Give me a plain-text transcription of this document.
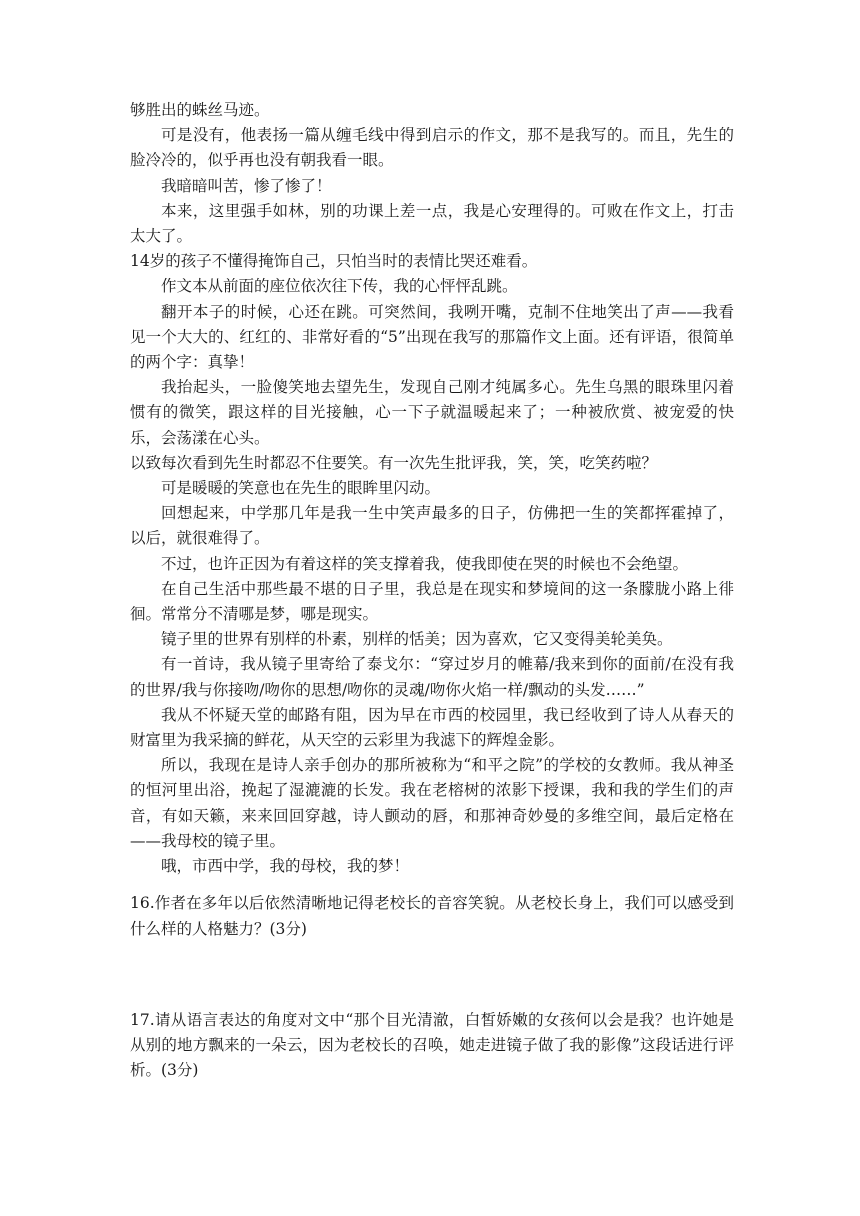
够胜出的蛛丝马迹。

可是没有，他表扬一篇从缠毛线中得到启示的作文，那不是我写的。而且，先生的脸冷冷的，似乎再也没有朝我看一眼。

我暗暗叫苦，惨了惨了！

本来，这里强手如林，别的功课上差一点，我是心安理得的。可败在作文上，打击太大了。

14岁的孩子不懂得掩饰自己，只怕当时的表情比哭还难看。

作文本从前面的座位依次往下传，我的心怦怦乱跳。

翻开本子的时候，心还在跳。可突然间，我咧开嘴，克制不住地笑出了声——我看见一个大大的、红红的、非常好看的“5”出现在我写的那篇作文上面。还有评语，很简单的两个字：真挚！

我抬起头，一脸傻笑地去望先生，发现自己刚才纯属多心。先生乌黑的眼珠里闪着惯有的微笑，跟这样的目光接触，心一下子就温暖起来了；一种被欣赏、被宠爱的快乐，会荡漾在心头。

以致每次看到先生时都忍不住要笑。有一次先生批评我，笑，笑，吃笑药啦？

可是暖暖的笑意也在先生的眼眸里闪动。

回想起来，中学那几年是我一生中笑声最多的日子，仿佛把一生的笑都挥霍掉了，以后，就很难得了。

不过，也许正因为有着这样的笑支撑着我，使我即使在哭的时候也不会绝望。

在自己生活中那些最不堪的日子里，我总是在现实和梦境间的这一条朦胧小路上徘徊。常常分不清哪是梦，哪是现实。

镜子里的世界有别样的朴素，别样的恬美；因为喜欢，它又变得美轮美奂。

有一首诗，我从镜子里寄给了泰戈尔：“穿过岁月的帷幕/我来到你的面前/在没有我的世界/我与你接吻/吻你的思想/吻你的灵魂/吻你火焰一样/飘动的头发……”

我从不怀疑天堂的邮路有阻，因为早在市西的校园里，我已经收到了诗人从春天的财富里为我采摘的鲜花，从天空的云彩里为我滤下的辉煌金影。

所以，我现在是诗人亲手创办的那所被称为“和平之院”的学校的女教师。我从神圣的恒河里出浴，挽起了湿漉漉的长发。我在老榕树的浓影下授课，我和我的学生们的声音，有如天籁，来来回回穿越，诗人颤动的唇，和那神奇妙曼的多维空间，最后定格在——我母校的镜子里。

哦，市西中学，我的母校，我的梦！

16.作者在多年以后依然清晰地记得老校长的音容笑貌。从老校长身上，我们可以感受到什么样的人格魅力？(3分)

17.请从语言表达的角度对文中“那个目光清澈，白皙娇嫩的女孩何以会是我？也许她是从别的地方飘来的一朵云，因为老校长的召唤，她走进镜子做了我的影像”这段话进行评析。(3分)
